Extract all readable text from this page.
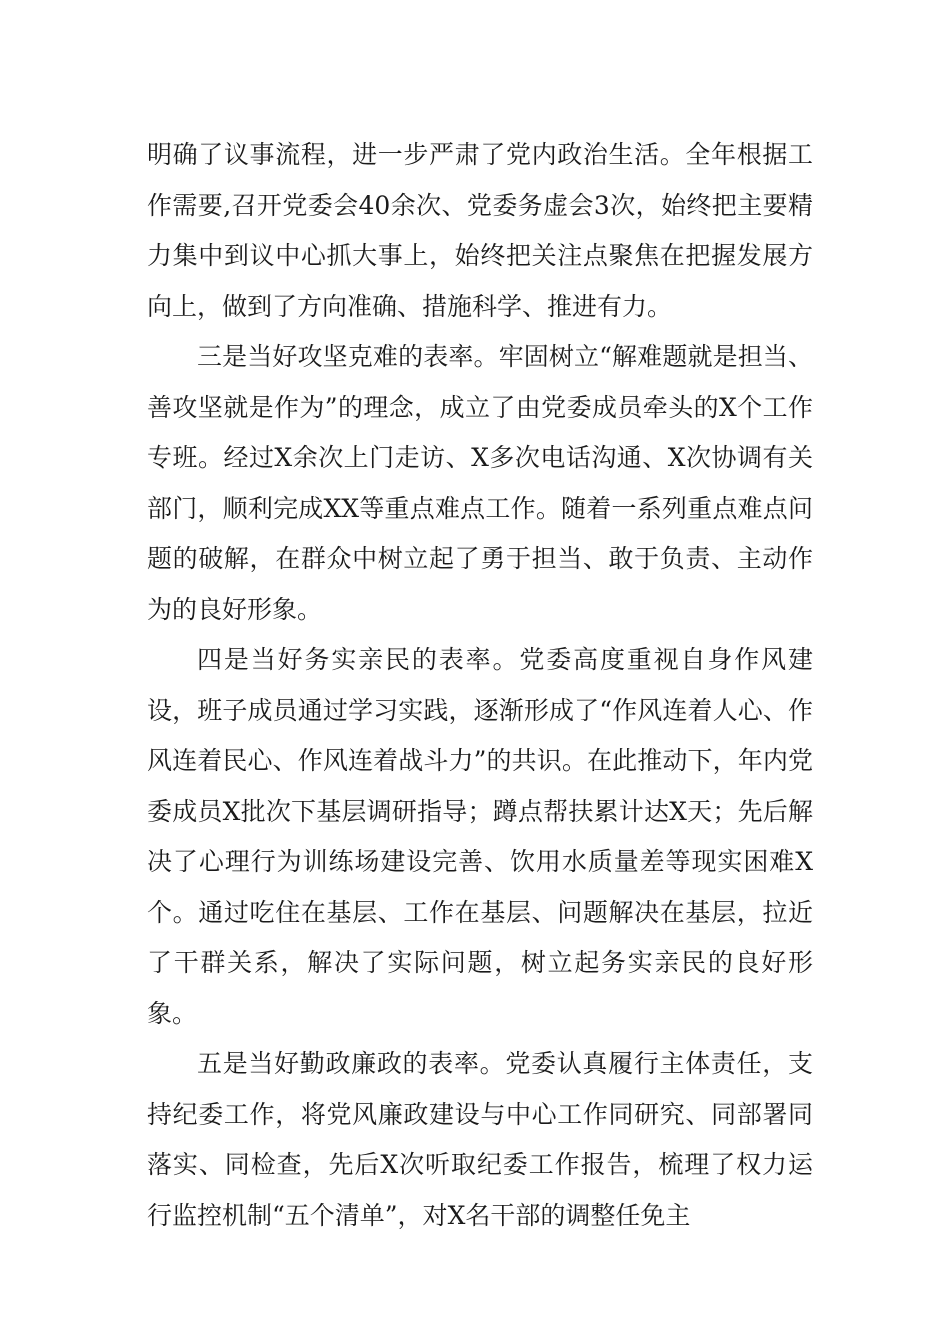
明确了议事流程，进一步严肃了党内政治生活。全年根据工作需要,召开党委会40余次、党委务虚会3次，始终把主要精力集中到议中心抓大事上，始终把关注点聚焦在把握发展方向上，做到了方向准确、措施科学、推进有力。

三是当好攻坚克难的表率。牢固树立“解难题就是担当、善攻坚就是作为”的理念，成立了由党委成员牵头的X个工作专班。经过X余次上门走访、X多次电话沟通、X次协调有关部门，顺利完成XX等重点难点工作。随着一系列重点难点问题的破解，在群众中树立起了勇于担当、敢于负责、主动作为的良好形象。

四是当好务实亲民的表率。党委高度重视自身作风建设，班子成员通过学习实践，逐渐形成了“作风连着人心、作风连着民心、作风连着战斗力”的共识。在此推动下，年内党委成员X批次下基层调研指导；蹲点帮扶累计达X天；先后解决了心理行为训练场建设完善、饮用水质量差等现实困难X个。通过吃住在基层、工作在基层、问题解决在基层，拉近了干群关系，解决了实际问题，树立起务实亲民的良好形象。

五是当好勤政廉政的表率。党委认真履行主体责任，支持纪委工作，将党风廉政建设与中心工作同研究、同部署同落实、同检查，先后X次听取纪委工作报告，梳理了权力运行监控机制“五个清单”，对X名干部的调整任免主
